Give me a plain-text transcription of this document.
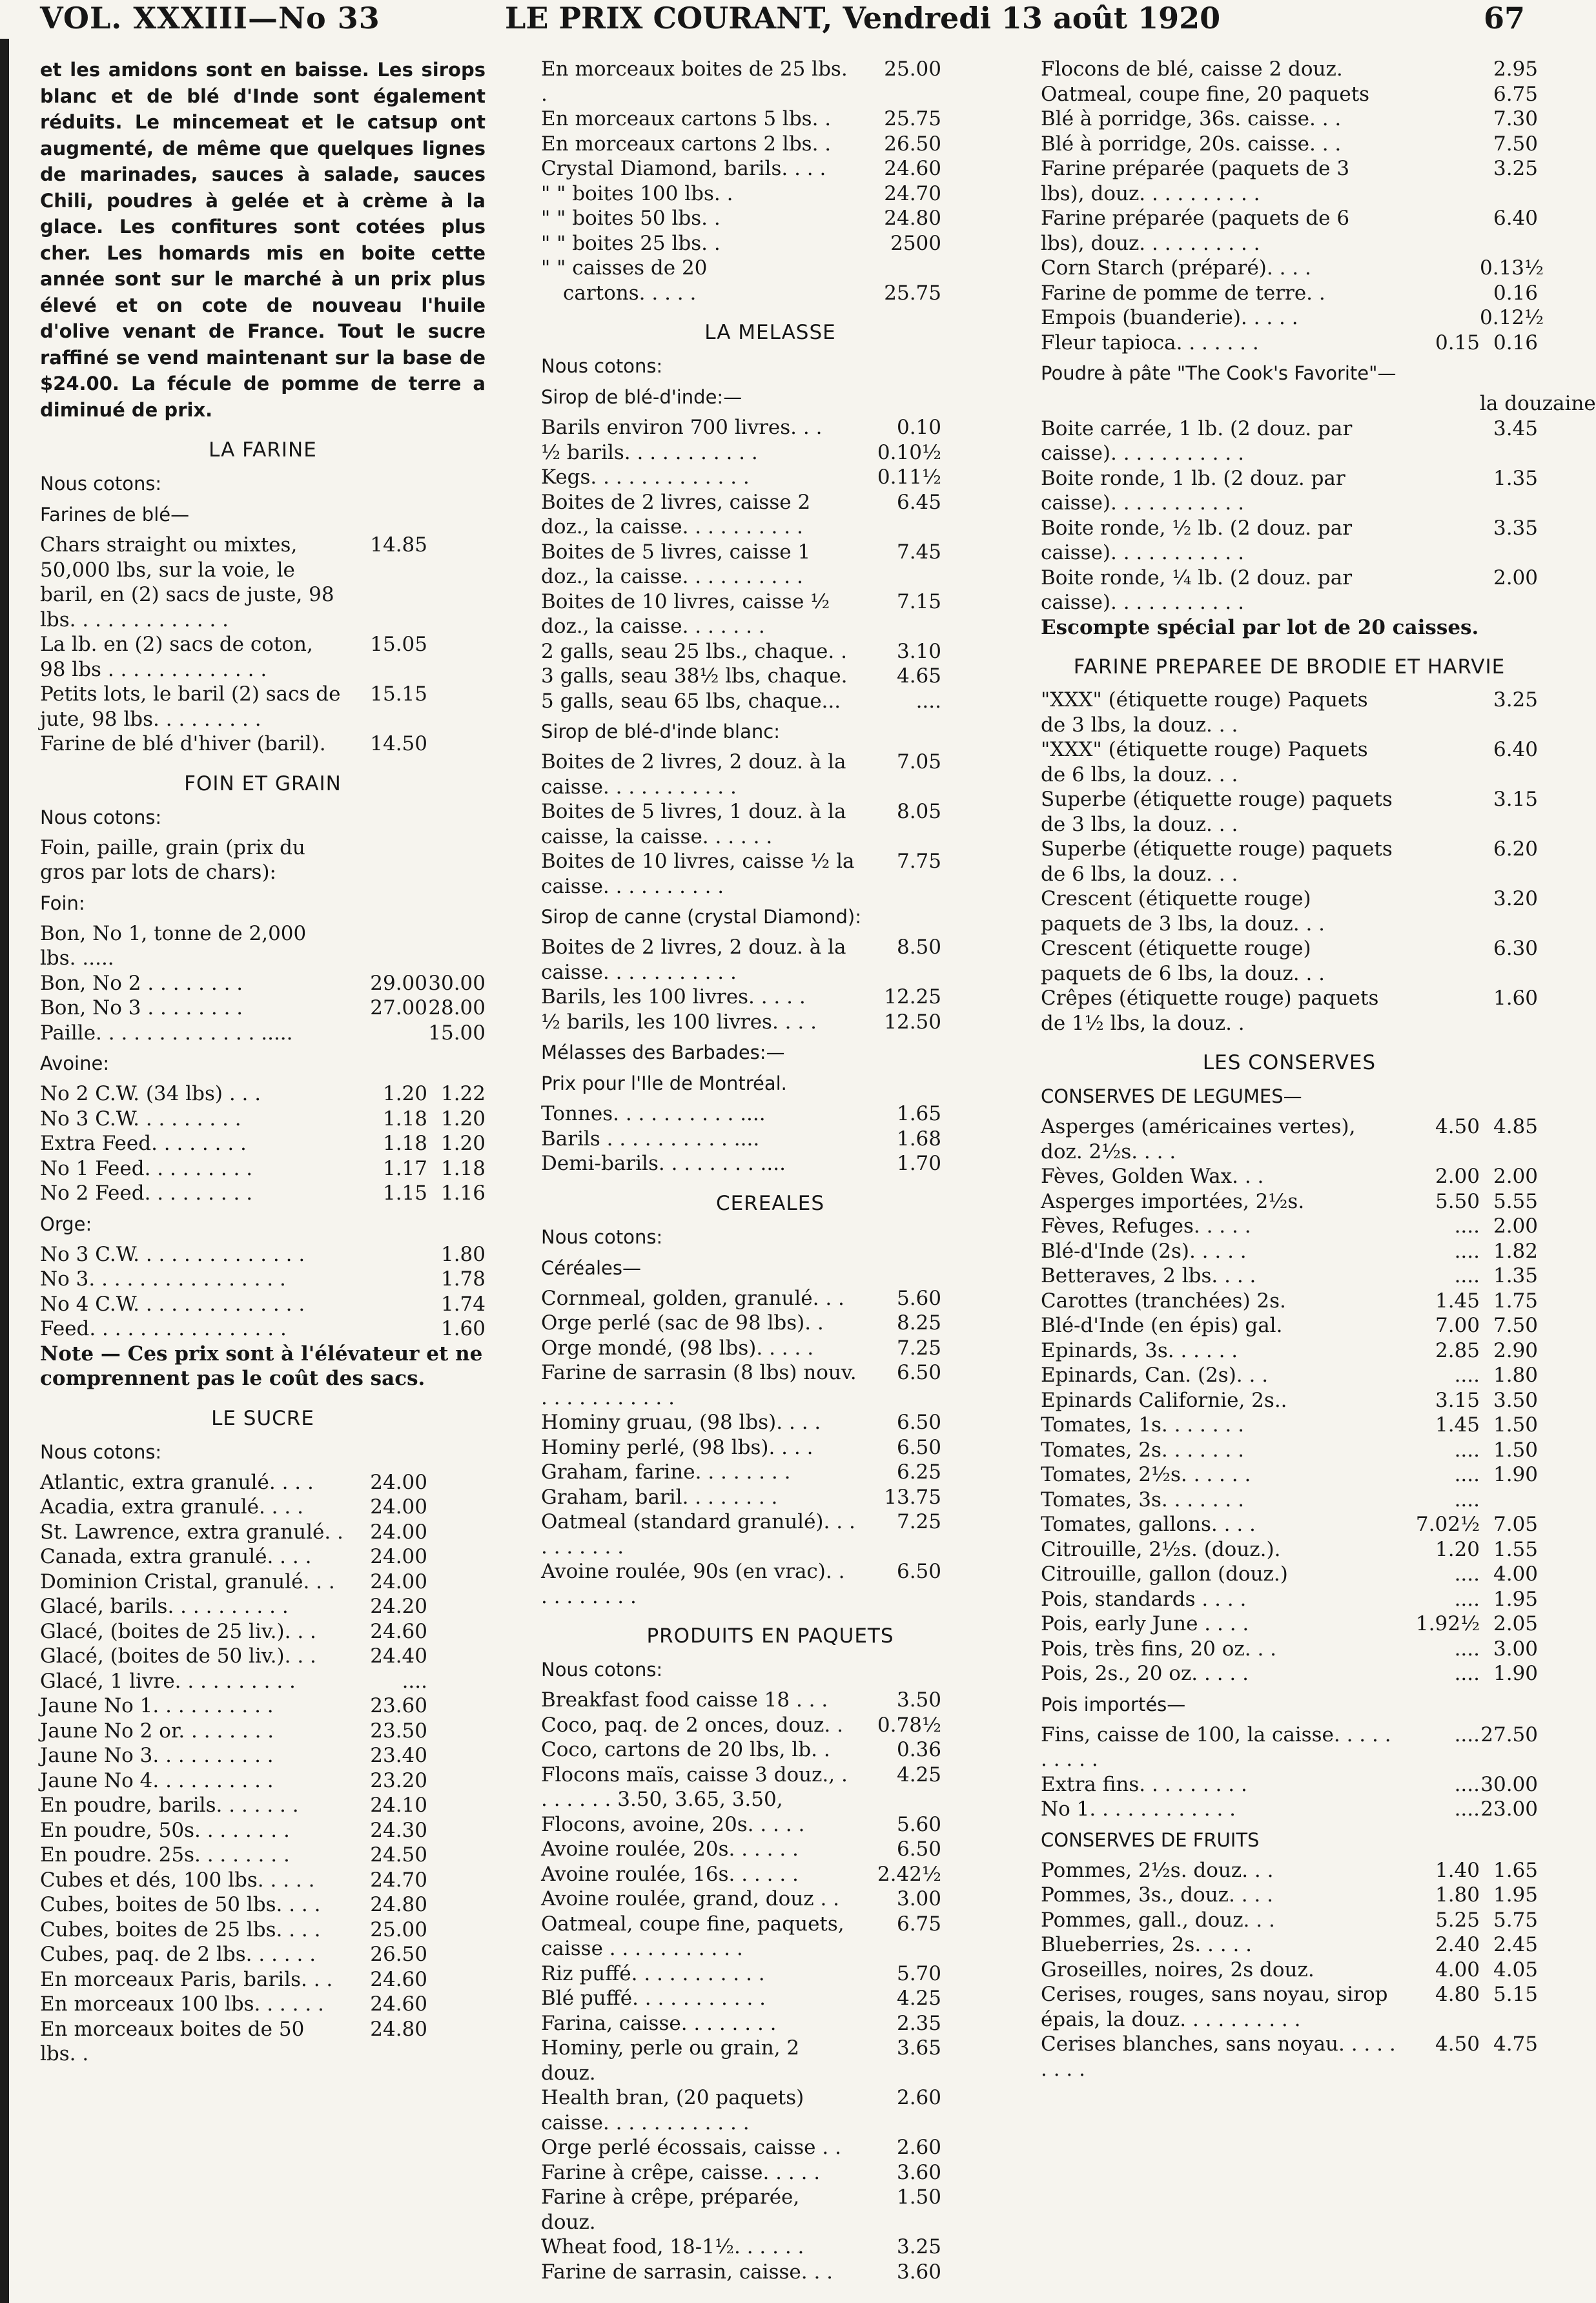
VOL. XXXIII—No 33	LE PRIX COURANT, Vendredi 13 août 1920	67
et les amidons sont en baisse. Les sirops blanc et de blé d'Inde sont également réduits. Le mincemeat et le catsup ont augmenté, de même que quelques lignes de marinades, sauces à salade, sauces Chili, poudres à gelée et à crème à la glace. Les confitures sont cotées plus cher. Les homards mis en boite cette année sont sur le marché à un prix plus élevé et on cote de nouveau l'huile d'olive venant de France. Tout le sucre raffiné se vend maintenant sur la base de $24.00. La fécule de pomme de terre a diminué de prix.
LA FARINE
Nous cotons:
Farines de blé—
Chars straight ou mixtes, 50,000 lbs, sur la voie, le baril, en (2) sacs de juste, 98 lbs. . . . . . . . . . . . .
14.85
La lb. en (2) sacs de coton, 98 lbs . . . . . . . . . . . . .
15.05
Petits lots, le baril (2) sacs de jute, 98 lbs. . . . . . . . .
15.15
Farine de blé d'hiver (baril).	14.50
FOIN ET GRAIN
Nous cotons:
Foin, paille, grain (prix du gros par lots de chars):
Foin:
Bon, No 1, tonne de 2,000 lbs. .....
Bon, No 2 . . . . . . . .	29.00 30.00
Bon, No 3 . . . . . . . .	27.00 28.00
Paille. . . . . . . . . . . . . .....	15.00
Avoine:
No 2 C.W. (34 lbs) . . .	1.20 1.22
No 3 C.W. . . . . . . . .	1.18 1.20
Extra Feed. . . . . . . .	1.18 1.20
No 1 Feed. . . . . . . . .	1.17 1.18
No 2 Feed. . . . . . . . .	1.15 1.16
Orge:
No 3 C.W. . . . . . . . . . . . . .	1.80
No 3. . . . . . . . . . . . . . . .	1.78
No 4 C.W. . . . . . . . . . . . . .	1.74
Feed. . . . . . . . . . . . . . . .	1.60
Note — Ces prix sont à l'élévateur et ne comprennent pas le coût des sacs.
LE SUCRE
Nous cotons:
Atlantic, extra granulé. . . .	24.00
Acadia, extra granulé. . . .	24.00
St. Lawrence, extra granulé. .	24.00
Canada, extra granulé. . . .	24.00
Dominion Cristal, granulé. . .	24.00
Glacé, barils. . . . . . . . . .	24.20
Glacé, (boites de 25 liv.). . .	24.60
Glacé, (boites de 50 liv.). . .	24.40
Glacé, 1 livre. . . . . . . . . .	....
Jaune No 1. . . . . . . . . .	23.60
Jaune No 2 or. . . . . . . .	23.50
Jaune No 3. . . . . . . . . .	23.40
Jaune No 4. . . . . . . . . .	23.20
En poudre, barils. . . . . . .	24.10
En poudre, 50s. . . . . . . .	24.30
En poudre. 25s. . . . . . . .	24.50
Cubes et dés, 100 lbs. . . . .	24.70
Cubes, boites de 50 lbs. . . .	24.80
Cubes, boites de 25 lbs. . . .	25.00
Cubes, paq. de 2 lbs. . . . . .	26.50
En morceaux Paris, barils. . .	24.60
En morceaux 100 lbs. . . . . .	24.60
En morceaux boites de 50 lbs. .
24.80
En morceaux boites de 25 lbs. .
25.00
En morceaux cartons 5 lbs. .	25.75
En morceaux cartons 2 lbs. .	26.50
Crystal Diamond, barils. . . .	24.60
" " boites 100 lbs. .	24.70
" " boites 50 lbs. .	24.80
" " boites 25 lbs. .	2500
" " caisses de 20
cartons. . . . .	25.75
LA MELASSE
Nous cotons:
Sirop de blé-d'inde:—
Barils environ 700 livres. . .	0.10
½ barils. . . . . . . . . . .	0.10½
Kegs. . . . . . . . . . . . .	0.11½
Boites de 2 livres, caisse 2 doz., la caisse. . . . . . . . . .
6.45
Boites de 5 livres, caisse 1 doz., la caisse. . . . . . . . . .
7.45
Boites de 10 livres, caisse ½ doz., la caisse. . . . . . .
7.15
2 galls, seau 25 lbs., chaque. .	3.10
3 galls, seau 38½ lbs, chaque.	4.65
5 galls, seau 65 lbs, chaque...	....
Sirop de blé-d'inde blanc:
Boites de 2 livres, 2 douz. à la caisse. . . . . . . . . . .
7.05
Boites de 5 livres, 1 douz. à la caisse, la caisse. . . . . .
8.05
Boites de 10 livres, caisse ½ la caisse. . . . . . . . . .
7.75
Sirop de canne (crystal Diamond):
Boites de 2 livres, 2 douz. à la caisse. . . . . . . . . . .
8.50
Barils, les 100 livres. . . . .	12.25
½ barils, les 100 livres. . . .	12.50
Mélasses des Barbades:—
Prix pour l'Ile de Montréal.
Tonnes. . . . . . . . . . ....	1.65
Barils . . . . . . . . . . ....	1.68
Demi-barils. . . . . . . . ....	1.70
CEREALES
Nous cotons:
Céréales—
Cornmeal, golden, granulé. . .	5.60
Orge perlé (sac de 98 lbs). .	8.25
Orge mondé, (98 lbs). . . . .	7.25
Farine de sarrasin (8 lbs) nouv. . . . . . . . . . . .
6.50
Hominy gruau, (98 lbs). . . .	6.50
Hominy perlé, (98 lbs). . . .	6.50
Graham, farine. . . . . . . .	6.25
Graham, baril. . . . . . . .	13.75
Oatmeal (standard granulé). . . . . . . . . .
7.25
Avoine roulée, 90s (en vrac). . . . . . . . . .
6.50
PRODUITS EN PAQUETS
Nous cotons:
Breakfast food caisse 18 . . .	3.50
Coco, paq. de 2 onces, douz. .	0.78½
Coco, cartons de 20 lbs, lb. .	0.36
Flocons maïs, caisse 3 douz., . . . . . . . 3.50, 3.65, 3.50,
4.25
Flocons, avoine, 20s. . . . .	5.60
Avoine roulée, 20s. . . . . .	6.50
Avoine roulée, 16s. . . . . .	2.42½
Avoine roulée, grand, douz . .	3.00
Oatmeal, coupe fine, paquets, caisse . . . . . . . . . . .
6.75
Riz puffé. . . . . . . . . . .	5.70
Blé puffé. . . . . . . . . . .	4.25
Farina, caisse. . . . . . . .	2.35
Hominy, perle ou grain, 2 douz.
3.65
Health bran, (20 paquets) caisse. . . . . . . . . . . .
2.60
Orge perlé écossais, caisse . .	2.60
Farine à crêpe, caisse. . . . .	3.60
Farine à crêpe, préparée, douz.
1.50
Wheat food, 18-1½. . . . . .	3.25
Farine de sarrasin, caisse. . .	3.60
Flocons de blé, caisse 2 douz.	2.95
Oatmeal, coupe fine, 20 paquets	6.75
Blé à porridge, 36s. caisse. . .	7.30
Blé à porridge, 20s. caisse. . .	7.50
Farine préparée (paquets de 3 lbs), douz. . . . . . . . . .
3.25
Farine préparée (paquets de 6 lbs), douz. . . . . . . . . .
6.40
Corn Starch (préparé). . . .	0.13½
Farine de pomme de terre. .	0.16
Empois (buanderie). . . . .	0.12½
Fleur tapioca. . . . . . .	0.15 0.16
Poudre à pâte "The Cook's Favorite"—
la douzaine
Boite carrée, 1 lb. (2 douz. par caisse). . . . . . . . . . .
3.45
Boite ronde, 1 lb. (2 douz. par caisse). . . . . . . . . . .
1.35
Boite ronde, ½ lb. (2 douz. par caisse). . . . . . . . . . .
3.35
Boite ronde, ¼ lb. (2 douz. par caisse). . . . . . . . . . .
2.00
Escompte spécial par lot de 20 caisses.
FARINE PREPAREE DE BRODIE ET HARVIE
"XXX" (étiquette rouge) Paquets de 3 lbs, la douz. . .
3.25
"XXX" (étiquette rouge) Paquets de 6 lbs, la douz. . .
6.40
Superbe (étiquette rouge) paquets de 3 lbs, la douz. . .
3.15
Superbe (étiquette rouge) paquets de 6 lbs, la douz. . .
6.20
Crescent (étiquette rouge) paquets de 3 lbs, la douz. . .
3.20
Crescent (étiquette rouge) paquets de 6 lbs, la douz. . .
6.30
Crêpes (étiquette rouge) paquets de 1½ lbs, la douz. .
1.60
LES CONSERVES
CONSERVES DE LEGUMES—
Asperges (américaines vertes), doz. 2½s. . . .
4.50 4.85
Fèves, Golden Wax. . .	2.00 2.00
Asperges importées, 2½s.	5.50 5.55
Fèves, Refuges. . . . .	.... 2.00
Blé-d'Inde (2s). . . . .	.... 1.82
Betteraves, 2 lbs. . . .	.... 1.35
Carottes (tranchées) 2s.	1.45 1.75
Blé-d'Inde (en épis) gal.	7.00 7.50
Epinards, 3s. . . . . .	2.85 2.90
Epinards, Can. (2s). . .	.... 1.80
Epinards Californie, 2s..	3.15 3.50
Tomates, 1s. . . . . . .	1.45 1.50
Tomates, 2s. . . . . . .	.... 1.50
Tomates, 2½s. . . . . .	.... 1.90
Tomates, 3s. . . . . . .	....
Tomates, gallons. . . .	7.02½ 7.05
Citrouille, 2½s. (douz.).	1.20 1.55
Citrouille, gallon (douz.)	.... 4.00
Pois, standards . . . .	.... 1.95
Pois, early June . . . .	1.92½ 2.05
Pois, très fins, 20 oz. . .	.... 3.00
Pois, 2s., 20 oz. . . . .	.... 1.90
Pois importés—
Fins, caisse de 100, la caisse. . . . . . . . . .
.... 27.50
Extra fins. . . . . . . . .	.... 30.00
No 1. . . . . . . . . . . .	.... 23.00
CONSERVES DE FRUITS
Pommes, 2½s. douz. . .	1.40 1.65
Pommes, 3s., douz. . . .	1.80 1.95
Pommes, gall., douz. . .	5.25 5.75
Blueberries, 2s. . . . .	2.40 2.45
Groseilles, noires, 2s douz.	4.00 4.05
Cerises, rouges, sans noyau, sirop épais, la douz. . . . . . . . . .
4.80 5.15
Cerises blanches, sans noyau. . . . . . . . .
4.50 4.75
